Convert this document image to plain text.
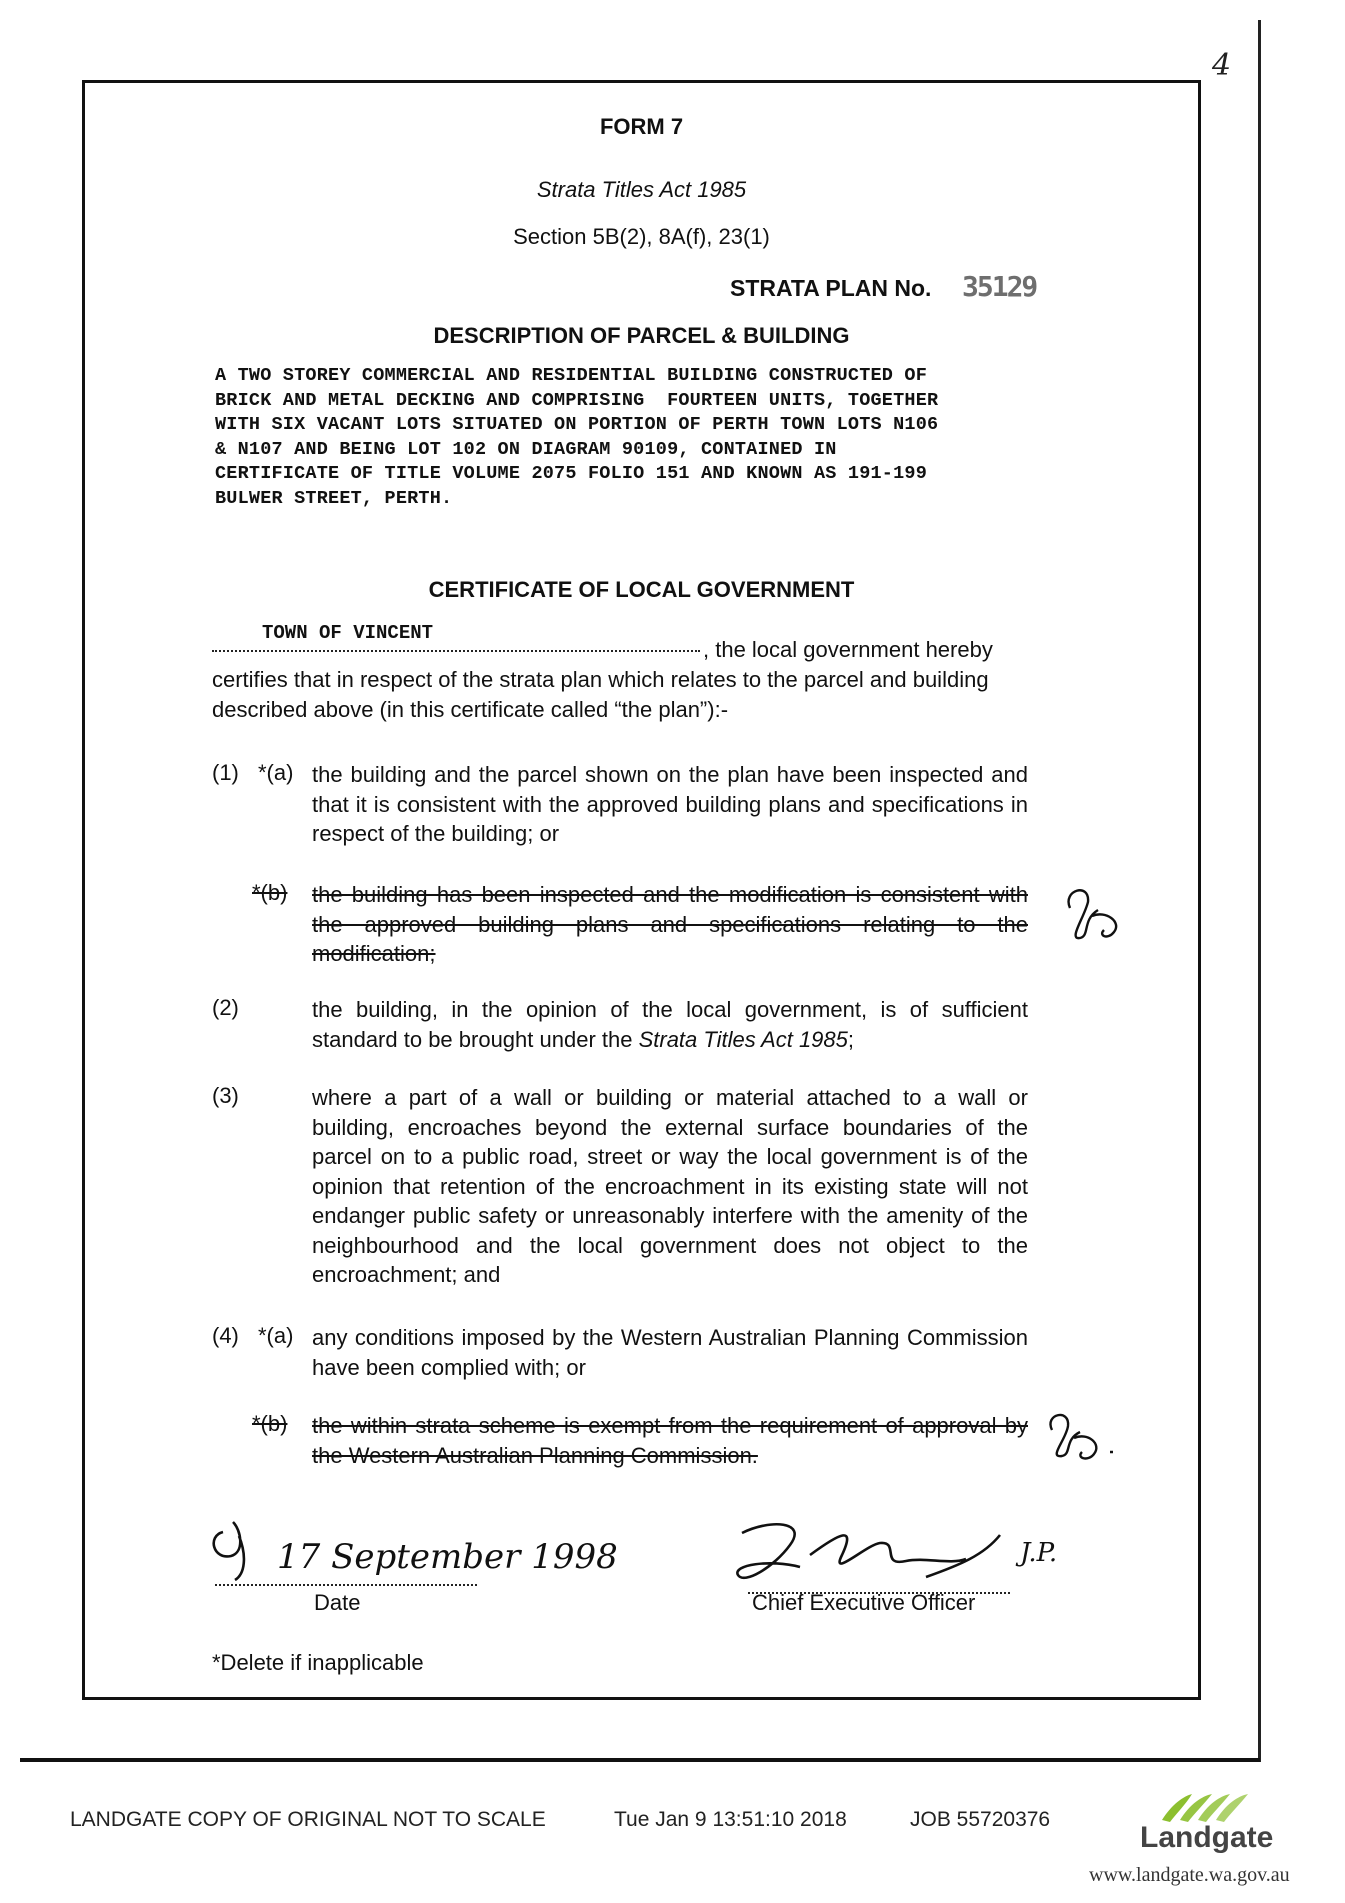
4
FORM 7
Strata Titles Act 1985
Section 5B(2), 8A(f), 23(1)
STRATA PLAN No. 35129
DESCRIPTION OF PARCEL & BUILDING
A TWO STOREY COMMERCIAL AND RESIDENTIAL BUILDING CONSTRUCTED OF
BRICK AND METAL DECKING AND COMPRISING  FOURTEEN UNITS, TOGETHER
WITH SIX VACANT LOTS SITUATED ON PORTION OF PERTH TOWN LOTS N106
& N107 AND BEING LOT 102 ON DIAGRAM 90109, CONTAINED IN
CERTIFICATE OF TITLE VOLUME 2075 FOLIO 151 AND KNOWN AS 191-199
BULWER STREET, PERTH.
CERTIFICATE OF LOCAL GOVERNMENT
TOWN OF VINCENT
, the local government hereby
certifies that in respect of the strata plan which relates to the parcel and building described above (in this certificate called “the plan”):-
(1) *(a) the building and the parcel shown on the plan have been inspected and that it is consistent with the approved building plans and specifications in respect of the building; or
*(b) the building has been inspected and the modification is consistent with the approved building plans and specifications relating to the modification;
(2)	the building, in the opinion of the local government, is of sufficient standard to be brought under the Strata Titles Act 1985;
(3)	where a part of a wall or building or material attached to a wall or building, encroaches beyond the external surface boundaries of the parcel on to a public road, street or way the local government is of the opinion that retention of the encroachment in its existing state will not endanger public safety or unreasonably interfere with the amenity of the neighbourhood and the local government does not object to the encroachment; and
(4) *(a) any conditions imposed by the Western Australian Planning Commission have been complied with; or
*(b) the within strata scheme is exempt from the requirement of approval by the Western Australian Planning Commission.
17 September 1998
Date
J.P.
Chief Executive Officer
*Delete if inapplicable
LANDGATE COPY OF ORIGINAL NOT TO SCALE	Tue Jan 9 13:51:10 2018	JOB 55720376
Landgate
www.landgate.wa.gov.au
